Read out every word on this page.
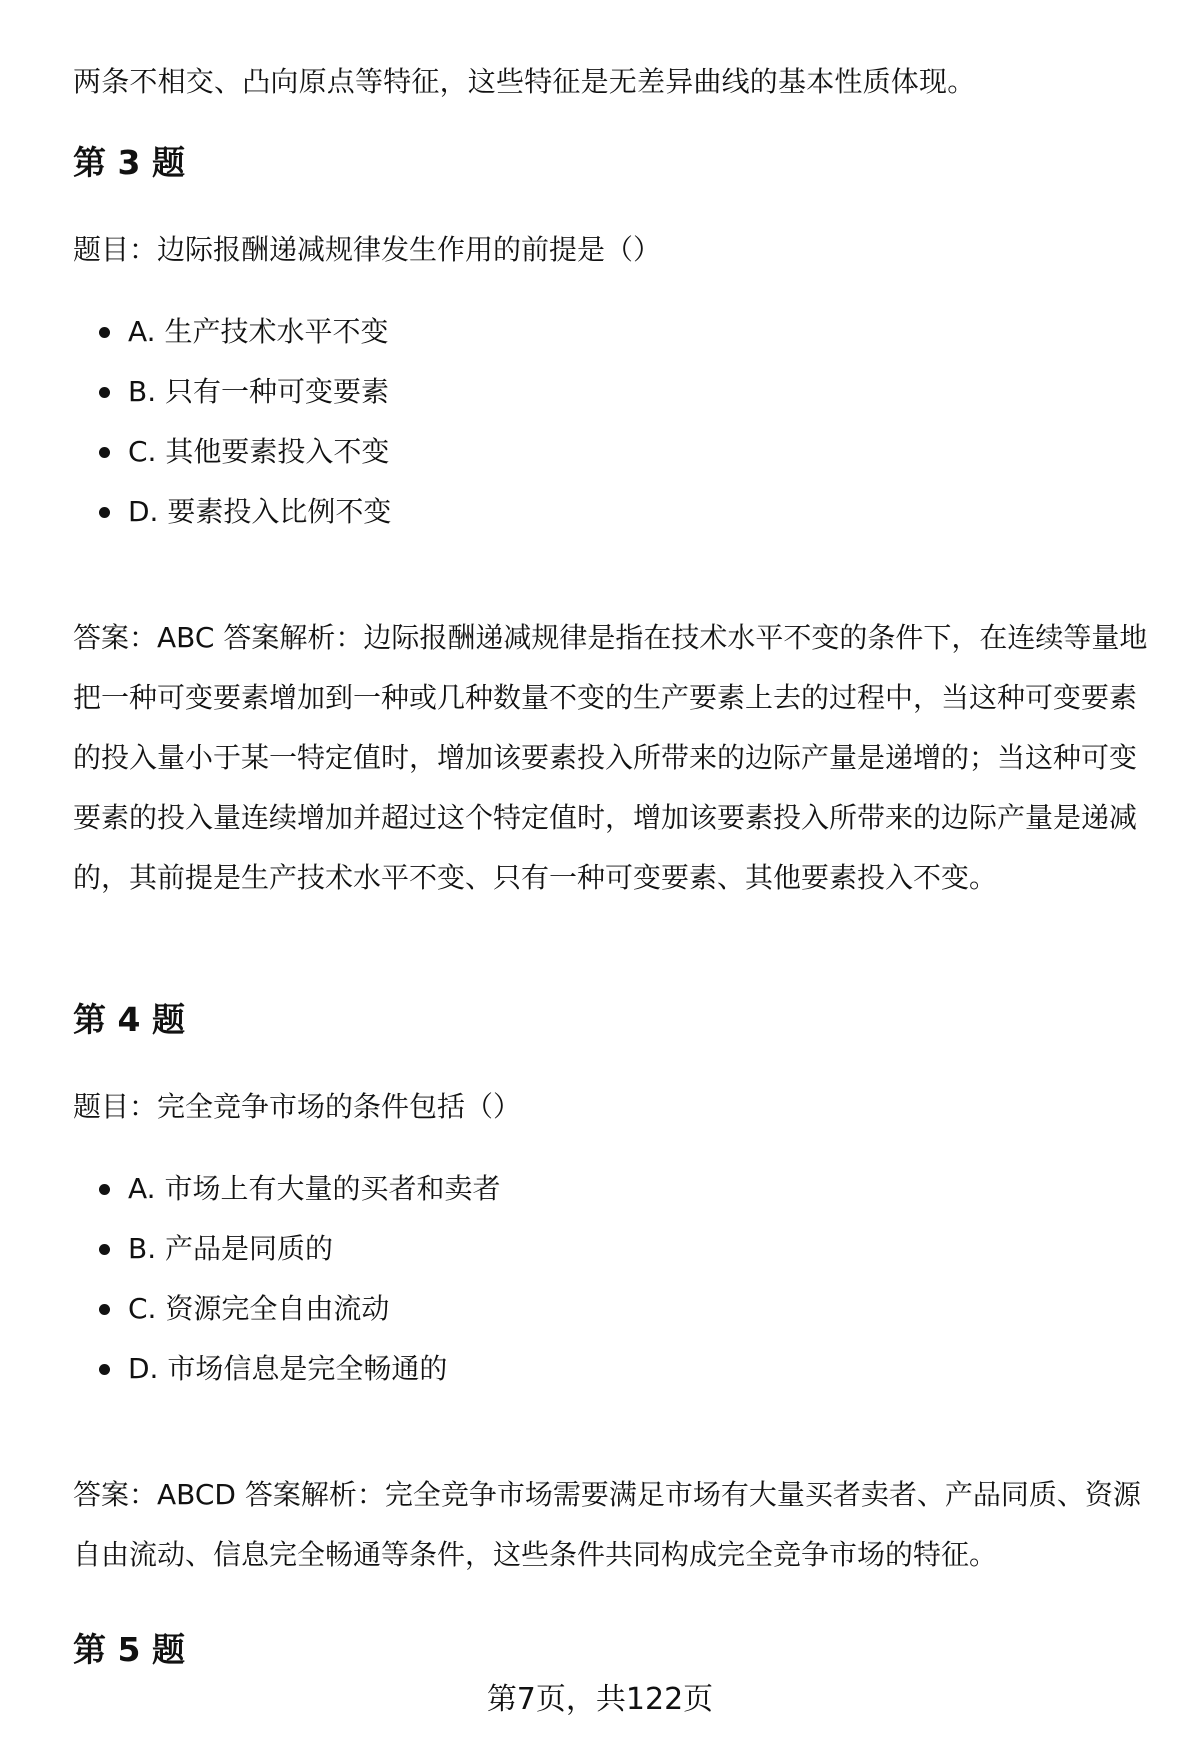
两条不相交、凸向原点等特征，这些特征是无差异曲线的基本性质体现。

第 3 题

题目：边际报酬递减规律发生作用的前提是（）

A. 生产技术水平不变
B. 只有一种可变要素
C. 其他要素投入不变
D. 要素投入比例不变

答案：ABC 答案解析：边际报酬递减规律是指在技术水平不变的条件下，在连续等量地把一种可变要素增加到一种或几种数量不变的生产要素上去的过程中，当这种可变要素的投入量小于某一特定值时，增加该要素投入所带来的边际产量是递增的；当这种可变要素的投入量连续增加并超过这个特定值时，增加该要素投入所带来的边际产量是递减的，其前提是生产技术水平不变、只有一种可变要素、其他要素投入不变。

第 4 题

题目：完全竞争市场的条件包括（）

A. 市场上有大量的买者和卖者
B. 产品是同质的
C. 资源完全自由流动
D. 市场信息是完全畅通的

答案：ABCD 答案解析：完全竞争市场需要满足市场有大量买者卖者、产品同质、资源自由流动、信息完全畅通等条件，这些条件共同构成完全竞争市场的特征。

第 5 题
第7页，共122页
